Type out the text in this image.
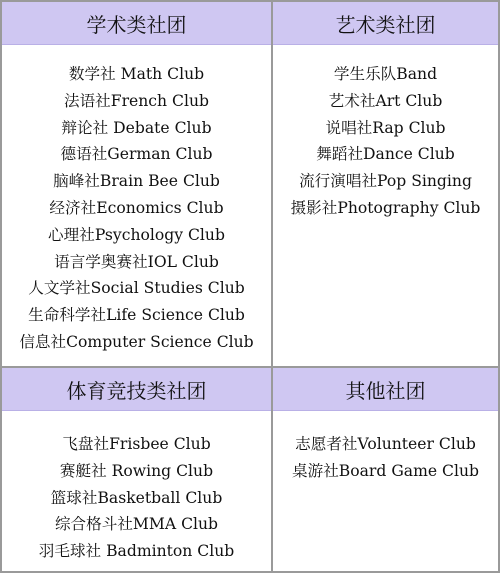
学术类社团
数学社 Math Club
法语社French Club
辩论社 Debate Club
德语社German Club
脑峰社Brain Bee Club
经济社Economics Club
心理社Psychology Club
语言学奥赛社IOL Club
人文学社Social Studies Club
生命科学社Life Science Club
信息社Computer Science Club
艺术类社团
学生乐队Band
艺术社Art Club
说唱社Rap Club
舞蹈社Dance Club
流行演唱社Pop Singing
摄影社Photography Club
体育竞技类社团
飞盘社Frisbee Club
赛艇社 Rowing Club
篮球社Basketball Club
综合格斗社MMA Club
羽毛球社 Badminton Club
其他社团
志愿者社Volunteer Club
桌游社Board Game Club
